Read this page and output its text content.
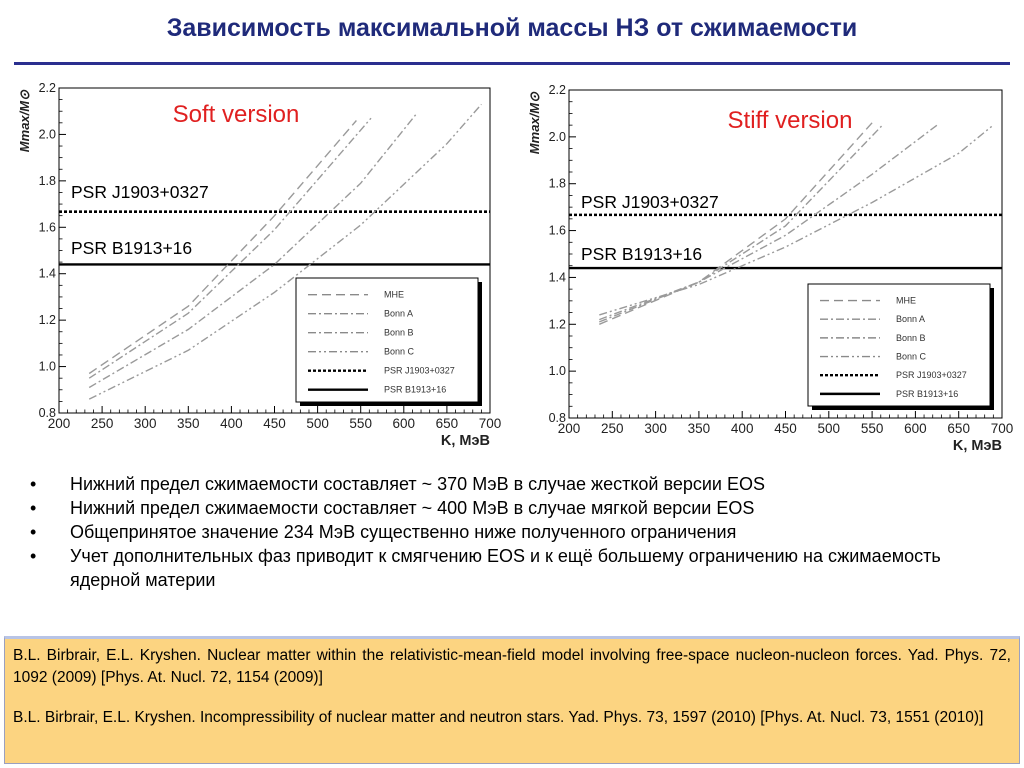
Зависимость максимальной массы НЗ от сжимаемости
200 250 300 350 400 450 500 550 600 650 700
0.8
1.0
1.2
1.4
1.6
1.8
2.0
2.2
K, МэВ
Mmax/M⊙	Soft version
PSR J1903+0327
PSR B1913+16
MHE
Bonn A
Bonn B
Bonn C
PSR J1903+0327
PSR B1913+16
200 250 300 350 400 450 500 550 600 650 700
0.8
1.0
1.2
1.4
1.6
1.8
2.0
2.2
K, МэВ
Mmax/M⊙	Stiff version
PSR J1903+0327
PSR B1913+16
MHE
Bonn A
Bonn B
Bonn C
PSR J1903+0327
PSR B1913+16
• Нижний предел сжимаемости составляет ~ 370 МэВ в случае жесткой версии EOS
• Нижний предел сжимаемости составляет ~ 400 МэВ в случае мягкой версии EOS
• Общепринятое значение 234 МэВ существенно ниже полученного ограничения
• Учет дополнительных фаз приводит к смягчению EOS и к ещё большему ограничению на сжимаемость ядерной материи

B.L. Birbrair, E.L. Kryshen. Nuclear matter within the relativistic-mean-field model involving free-space nucleon-nucleon forces. Yad. Phys. 72, 1092 (2009) [Phys. At. Nucl. 72, 1154 (2009)]

B.L. Birbrair, E.L. Kryshen. Incompressibility of nuclear matter and neutron stars. Yad. Phys. 73, 1597 (2010) [Phys. At. Nucl. 73, 1551 (2010)]
